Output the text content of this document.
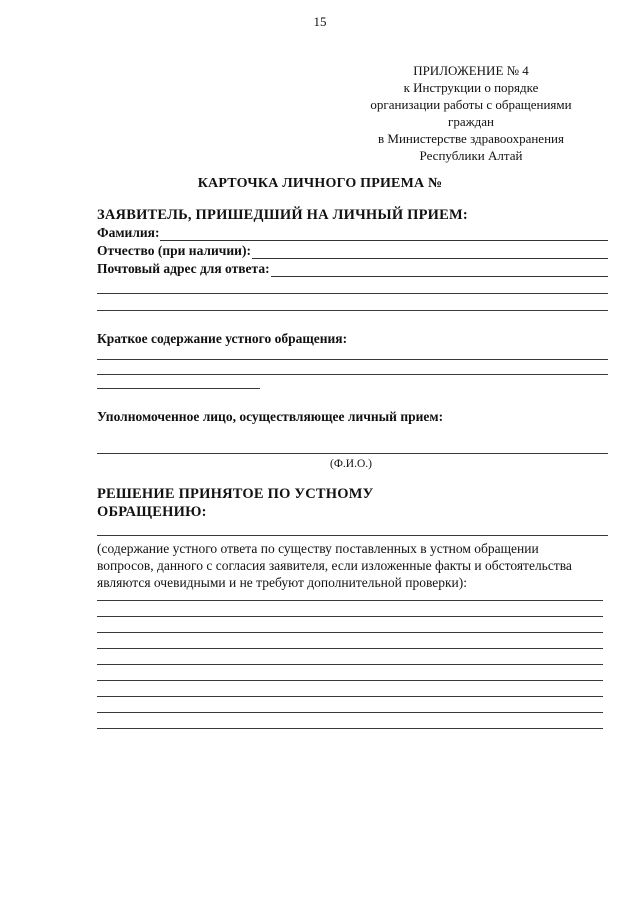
15
ПРИЛОЖЕНИЕ № 4
к Инструкции о порядке
организации работы с обращениями
граждан
в Министерстве здравоохранения
Республики Алтай
КАРТОЧКА ЛИЧНОГО ПРИЕМА №
ЗАЯВИТЕЛЬ, ПРИШЕДШИЙ НА ЛИЧНЫЙ ПРИЕМ:
Фамилия:
Отчество (при наличии):
Почтовый адрес для ответа:
Краткое содержание устного обращения:
Уполномоченное лицо, осуществляющее личный прием:
(Ф.И.О.)
РЕШЕНИЕ ПРИНЯТОЕ ПО УСТНОМУ
ОБРАЩЕНИЮ:
(содержание устного ответа по существу поставленных в устном обращении
вопросов, данного с согласия заявителя, если изложенные факты и обстоятельства
являются очевидными и не требуют дополнительной проверки):
